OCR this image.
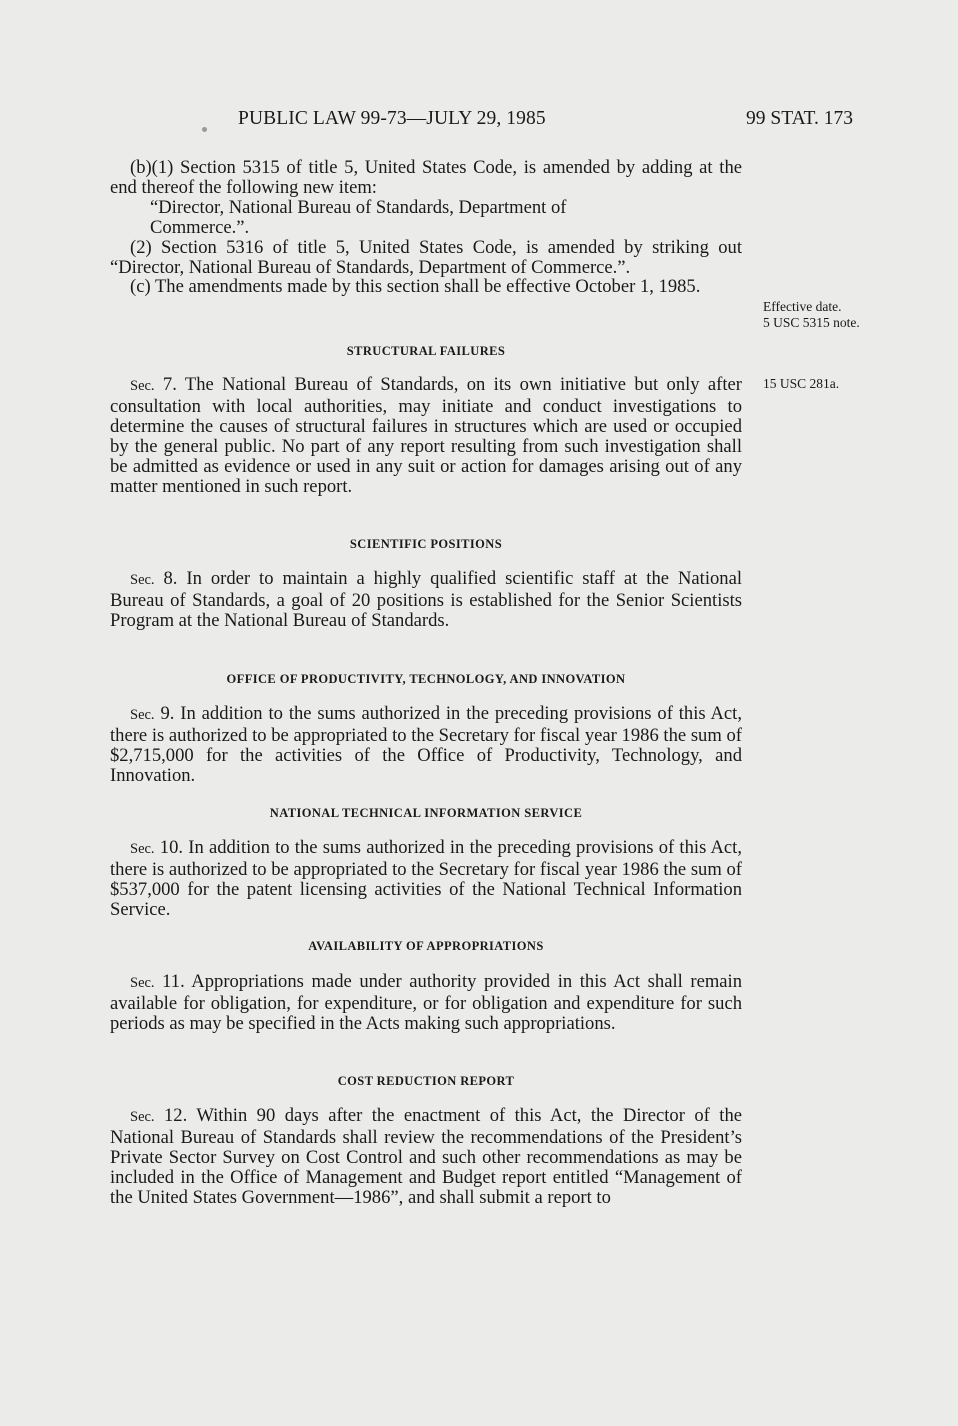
PUBLIC LAW 99-73—JULY 29, 1985	99 STAT. 173

(b)(1) Section 5315 of title 5, United States Code, is amended by adding at the end thereof the following new item:

“Director, National Bureau of Standards, Department of

Commerce.”.

(2) Section 5316 of title 5, United States Code, is amended by striking out “Director, National Bureau of Standards, Department of Commerce.”.

(c) The amendments made by this section shall be effective October 1, 1985.

Effective date.
5 USC 5315 note.
15 USC 281a.
STRUCTURAL FAILURES

Sec. 7. The National Bureau of Standards, on its own initiative but only after consultation with local authorities, may initiate and conduct investigations to determine the causes of structural failures in structures which are used or occupied by the general public. No part of any report resulting from such investigation shall be admitted as evidence or used in any suit or action for damages arising out of any matter mentioned in such report.

SCIENTIFIC POSITIONS

Sec. 8. In order to maintain a highly qualified scientific staff at the National Bureau of Standards, a goal of 20 positions is established for the Senior Scientists Program at the National Bureau of Standards.

OFFICE OF PRODUCTIVITY, TECHNOLOGY, AND INNOVATION

Sec. 9. In addition to the sums authorized in the preceding provisions of this Act, there is authorized to be appropriated to the Secretary for fiscal year 1986 the sum of $2,715,000 for the activities of the Office of Productivity, Technology, and Innovation.

NATIONAL TECHNICAL INFORMATION SERVICE

Sec. 10. In addition to the sums authorized in the preceding provisions of this Act, there is authorized to be appropriated to the Secretary for fiscal year 1986 the sum of $537,000 for the patent licensing activities of the National Technical Information Service.

AVAILABILITY OF APPROPRIATIONS

Sec. 11. Appropriations made under authority provided in this Act shall remain available for obligation, for expenditure, or for obligation and expenditure for such periods as may be specified in the Acts making such appropriations.

COST REDUCTION REPORT

Sec. 12. Within 90 days after the enactment of this Act, the Director of the National Bureau of Standards shall review the recommendations of the President’s Private Sector Survey on Cost Control and such other recommendations as may be included in the Office of Management and Budget report entitled “Management of the United States Government—1986”, and shall submit a report to
